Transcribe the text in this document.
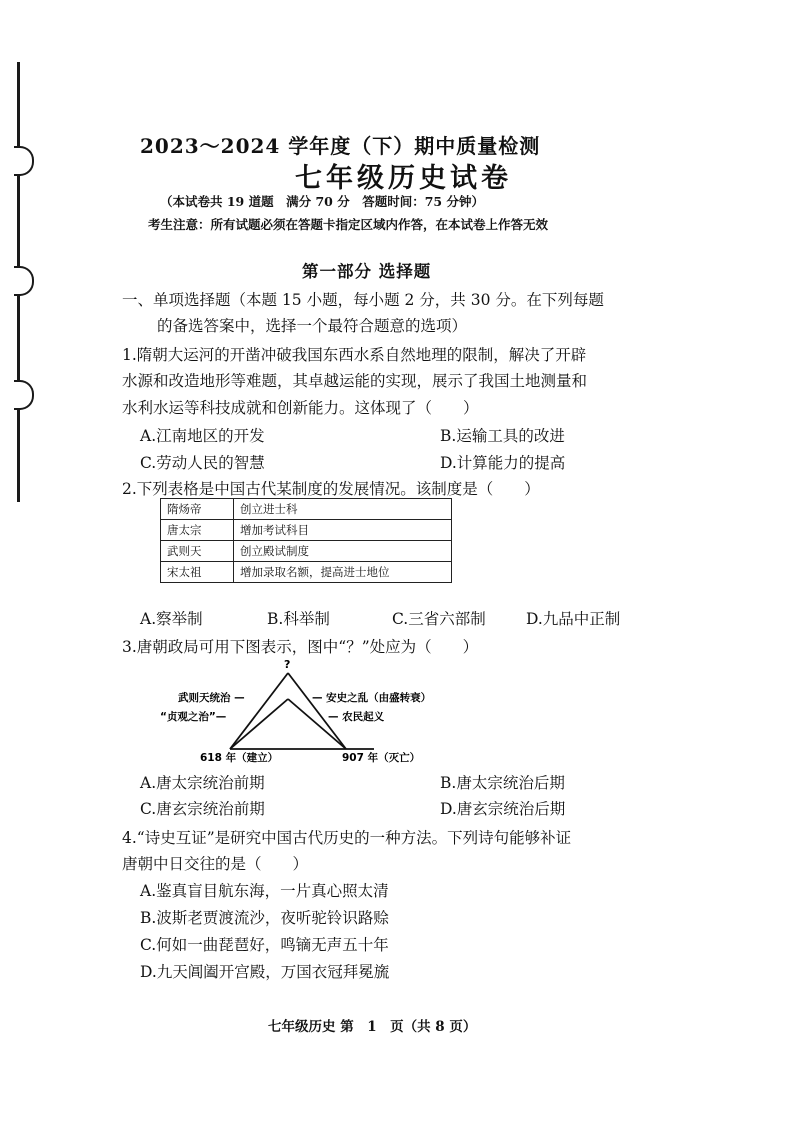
2023～2024 学年度（下）期中质量检测
七年级历史试卷
（本试卷共 19 道题　满分 70 分　答题时间：75 分钟）
考生注意：所有试题必须在答题卡指定区域内作答，在本试卷上作答无效
第一部分 选择题
一、单项选择题（本题 15 小题，每小题 2 分，共 30 分。在下列每题
的备选答案中，选择一个最符合题意的选项）
1.隋朝大运河的开凿冲破我国东西水系自然地理的限制，解决了开辟
水源和改造地形等难题，其卓越运能的实现，展示了我国土地测量和
水利水运等科技成就和创新能力。这体现了（　　）
A.江南地区的开发	B.运输工具的改进
C.劳动人民的智慧	D.计算能力的提高
2.下列表格是中国古代某制度的发展情况。该制度是（　　）
隋炀帝	创立进士科
唐太宗	增加考试科目
武则天	创立殿试制度
宋太祖	增加录取名额，提高进士地位
A.察举制	B.科举制	C.三省六部制	D.九品中正制
3.唐朝政局可用下图表示，图中“？”处应为（　　）
?
武则天统治 —
“贞观之治”—
— 安史之乱（由盛转衰）
— 农民起义
618 年（建立）	907 年（灭亡）
A.唐太宗统治前期	B.唐太宗统治后期
C.唐玄宗统治前期	D.唐玄宗统治后期
4.“诗史互证”是研究中国古代历史的一种方法。下列诗句能够补证
唐朝中日交往的是（　　）
A.鉴真盲目航东海，一片真心照太清
B.波斯老贾渡流沙，夜听驼铃识路赊
C.何如一曲琵琶好，鸣镝无声五十年
D.九天阊阖开宫殿，万国衣冠拜冕旒
七年级历史 第　1　页（共 8 页）
